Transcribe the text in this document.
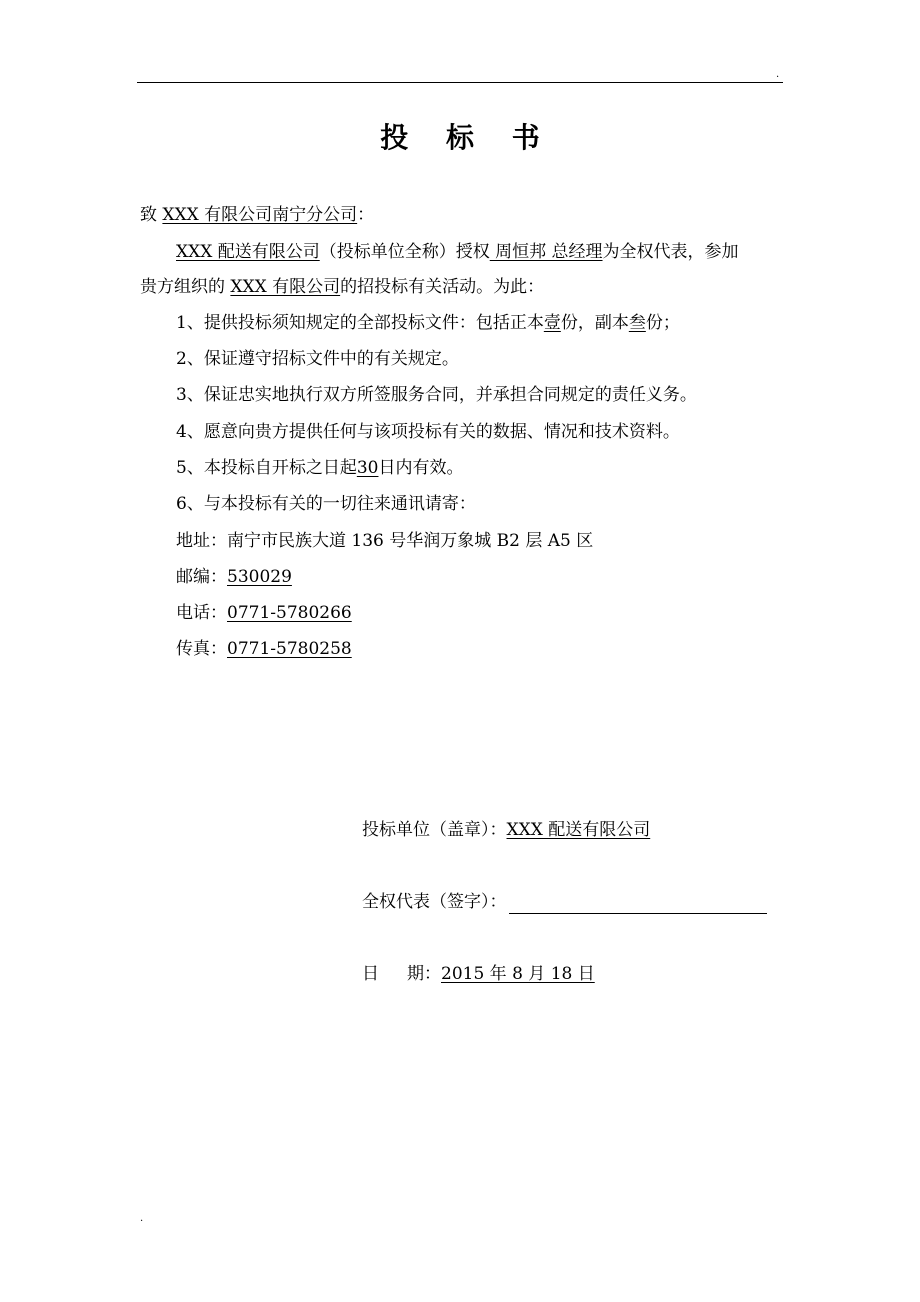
.
投 标 书
致 XXX 有限公司南宁分公司：
XXX 配送有限公司（投标单位全称）授权 周恒邦 总经理为全权代表，参加
贵方组织的 XXX 有限公司的招投标有关活动。为此：
1、提供投标须知规定的全部投标文件：包括正本壹份，副本叁份；
2、保证遵守招标文件中的有关规定。
3、保证忠实地执行双方所签服务合同，并承担合同规定的责任义务。
4、愿意向贵方提供任何与该项投标有关的数据、情况和技术资料。
5、本投标自开标之日起30日内有效。
6、与本投标有关的一切往来通讯请寄：
地址：南宁市民族大道 136 号华润万象城 B2 层 A5 区
邮编：530029
电话：0771-5780266
传真：0771-5780258
投标单位（盖章）：XXX 配送有限公司
全权代表（签字）：
日 期：2015 年 8 月 18 日
.
